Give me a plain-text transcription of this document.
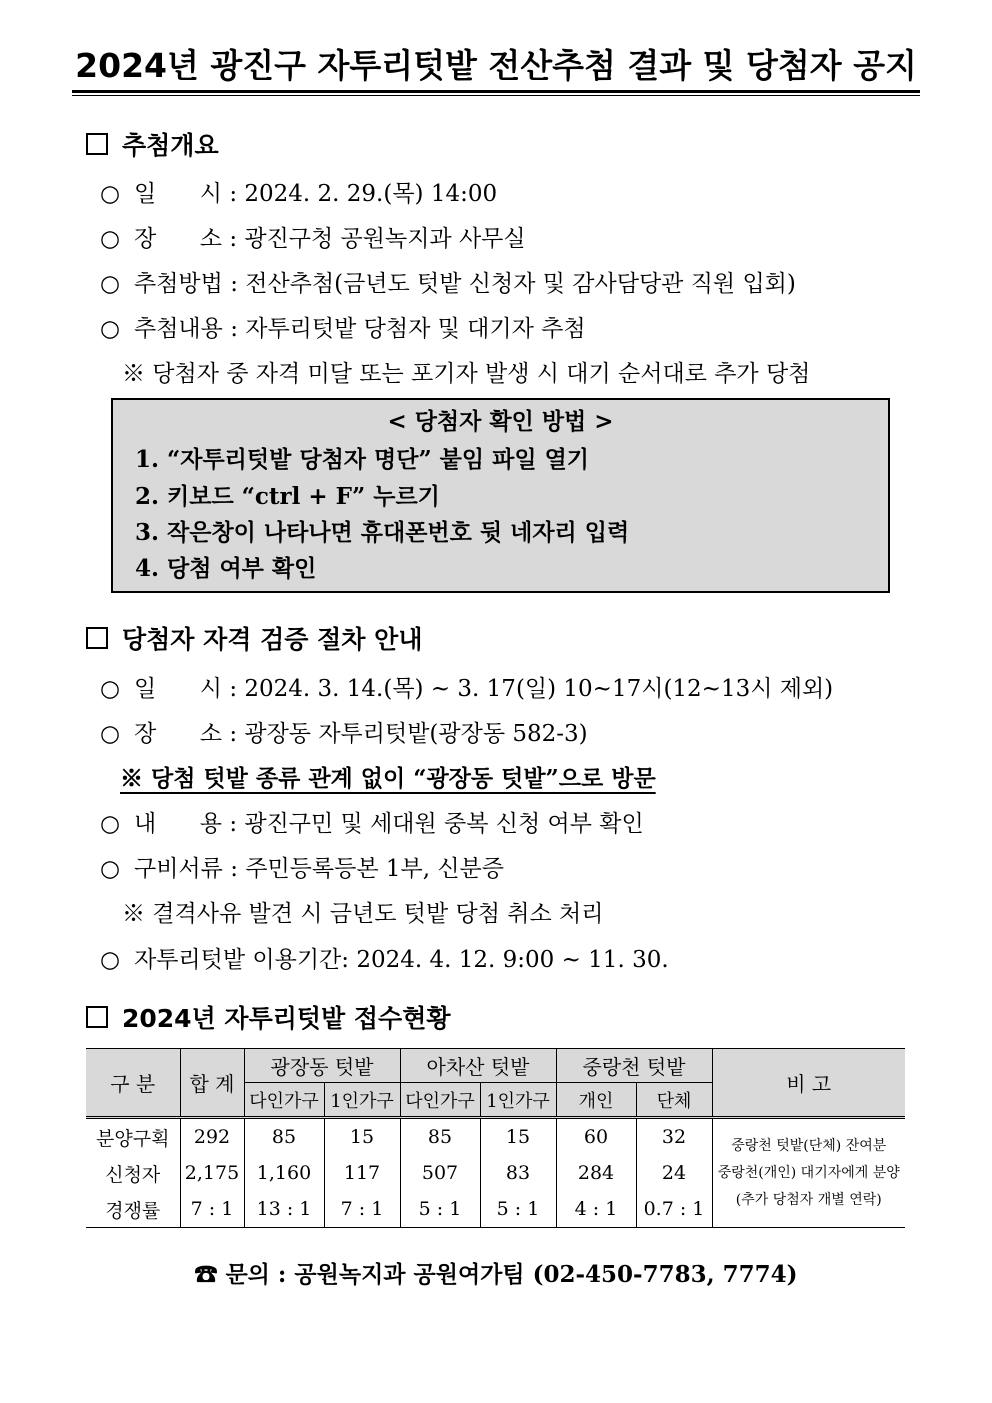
2024년 광진구 자투리텃밭 전산추첨 결과 및 당첨자 공지
추첨개요
○ 일 시 : 2024. 2. 29.(목) 14:00
○ 장 소 : 광진구청 공원녹지과 사무실
○ 추첨방법 : 전산추첨(금년도 텃밭 신청자 및 감사담당관 직원 입회)
○ 추첨내용 : 자투리텃밭 당첨자 및 대기자 추첨
※ 당첨자 중 자격 미달 또는 포기자 발생 시 대기 순서대로 추가 당첨
< 당첨자 확인 방법 >
1. “자투리텃밭 당첨자 명단” 붙임 파일 열기
2. 키보드 “ctrl + F” 누르기
3. 작은창이 나타나면 휴대폰번호 뒷 네자리 입력
4. 당첨 여부 확인
당첨자 자격 검증 절차 안내
○ 일 시 : 2024. 3. 14.(목) ~ 3. 17(일) 10~17시(12~13시 제외)
○ 장 소 : 광장동 자투리텃밭(광장동 582-3)
※ 당첨 텃밭 종류 관계 없이 “광장동 텃밭”으로 방문
○ 내 용 : 광진구민 및 세대원 중복 신청 여부 확인
○ 구비서류 : 주민등록등본 1부, 신분증
※ 결격사유 발견 시 금년도 텃밭 당첨 취소 처리
○ 자투리텃밭 이용기간: 2024. 4. 12. 9:00 ~ 11. 30.
2024년 자투리텃밭 접수현황
구 분	합 계	광장동 텃밭		아차산 텃밭		중랑천 텃밭		비 고
		다인가구	1인가구	다인가구	1인가구	개인	단체	
분양구획	292	85	15	85	15	60	32	중랑천 텃밭(단체) 잔여분
중랑천(개인) 대기자에게 분양
(추가 당첨자 개별 연락)

신청자	2,175	1,160	117	507	83	284	24	
경쟁률	7 : 1	13 : 1	7 : 1	5 : 1	5 : 1	4 : 1	0.7 : 1	
☎ 문의 : 공원녹지과 공원여가팀 (02-450-7783, 7774)
